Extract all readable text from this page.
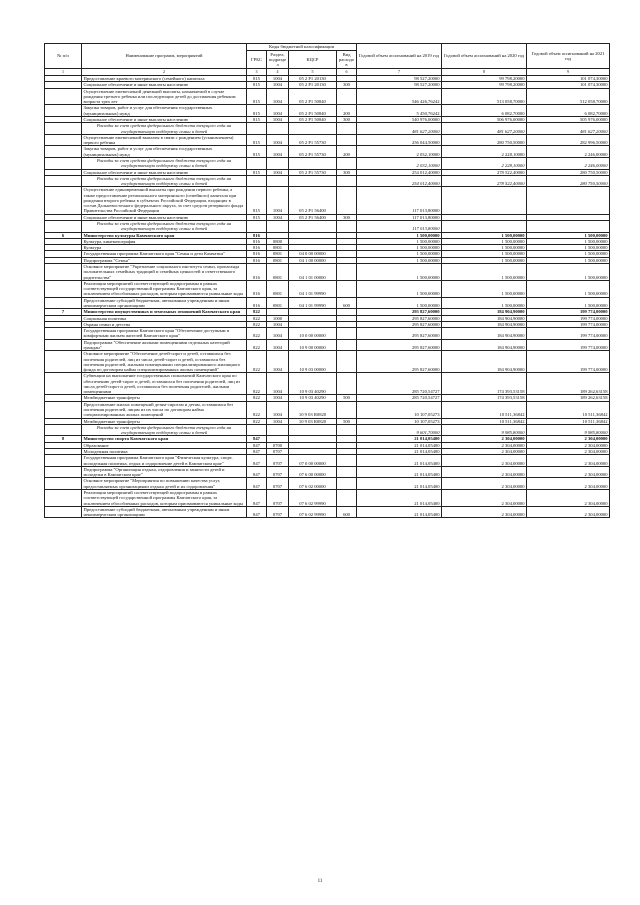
№ п/п	Наименование программ, мероприятий	Коды бюджетной классификации				Годовой объем ассигнований на 2019 год	Годовой объем ассигнований на 2020 год	Годовой объем ассигнований на 2021 год
		ГРБС	Раздел, подраздел	КЦСР	Вид расходов			
1	2	3	4	5	6	7	8	9
	Предоставление краевого материнского (семейного) капитала	815	1004	05 2 Р1 20130		98 527,20000	99 798,20000	101 074,30000
	Социальное обеспечение и иные выплаты населению	815	1004	05 2 Р1 20130	300	98 527,20000	99 798,20000	101 074,30000
	Осуществление ежемесячной денежной выплаты, назначаемой в случае рождения третьего ребенка или последующих детей до достижения ребенком возраста трех лет	815	1004	05 2 Р1 50840		546 426,76242	513 058,70000	512 058,70000
	Закупка товаров, работ и услуг для обеспечения государственных (муниципальных) нужд	815	1004	05 2 Р1 50840	200	5 450,76242	6 082,70000	6 082,70000
	Социальное обеспечение и иные выплаты населению	815	1004	05 2 Р1 50840	300	540 976,00000	506 976,00000	505 976,00000
	Расходы за счет средств федерального бюджета текущего года на государственную поддержку семьи и детей					481 627,20000	481 627,20000	481 627,20000
	Осуществление ежемесячной выплаты в связи с рождением (усыновлением) первого ребенка	815	1004	05 2 Р1 55730		256 044,50000	280 750,50000	282 996,50000
	Закупка товаров, работ и услуг для обеспечения государственных (муниципальных) нужд	815	1004	05 2 Р1 55730	200	2 032,10000	2 228,10000	2 246,00000
	Расходы за счет средств федерального бюджета текущего года на государственную поддержку семьи и детей					2 032,10000	2 228,10000	2 246,00000
	Социальное обеспечение и иные выплаты населению	815	1004	05 2 Р1 55730	300	254 012,40000	278 522,40000	280 750,50000
	Расходы за счет средств федерального бюджета текущего года на государственную поддержку семьи и детей					254 012,40000	278 522,40000	280 750,50000
	Осуществление единовременной выплаты при рождении первого ребенка, а также предоставление регионального материнского (семейного) капитала при рождении второго ребенка в субъектах Российской Федерации, входящих в состав Дальневосточного федерального округа, за счет средств резервного фонда Правительства Российской Федерации	815	1004	05 2 Р1 56400		117 013,80000		
	Социальное обеспечение и иные выплаты населению	815	1004	05 2 Р1 56400	300	117 013,80000		
	Расходы за счет средств федерального бюджета текущего года на государственную поддержку семьи и детей					117 013,80000		
6	Министерство культуры Камчатского края	816				1 500,00000	1 500,00000	1 500,00000
	Культура, кинематография	816	0800			1 500,00000	1 500,00000	1 500,00000
	Культура	816	0801			1 500,00000	1 500,00000	1 500,00000
	Государственная программа Камчатского края "Семья и дети Камчатки"	816	0801	04 0 00 00000		1 500,00000	1 500,00000	1 500,00000
	Подпрограмма "Семья"	816	0801	04 1 00 00000		1 500,00000	1 500,00000	1 500,00000
	Основное мероприятие "Укрепление социального института семьи, пропаганда положительных семейных традиций и семейных ценностей и ответственного родительства"	816	0801	04 1 01 00000		1 500,00000	1 500,00000	1 500,00000
	Реализация мероприятий соответствующей подпрограммы в рамках соответствующей государственной программы Камчатского края, за исключением обособленных расходов, которым присваиваются уникальные коды	816	0801	04 1 01 99990		1 500,00000	1 500,00000	1 500,00000
	Предоставление субсидий бюджетным, автономным учреждениям и иным некоммерческим организациям	816	0801	04 1 01 99990	600	1 500,00000	1 500,00000	1 500,00000
7	Министерство имущественных и земельных отношений Камчатского края	822				295 827,60000	184 904,90000	199 774,00000
	Социальная политика	822	1000			295 827,60000	184 904,90000	199 774,00000
	Охрана семьи и детства	822	1004			295 827,60000	184 904,90000	199 774,00000
	Государственная программа Камчатского края "Обеспечение доступным и комфортным жильем жителей Камчатского края"	822	1004	10 0 00 00000		295 827,60000	184 904,90000	199 774,00000
	Подпрограмма "Обеспечение жилыми помещениями отдельных категорий граждан"	822	1004	10 9 00 00000		295 827,60000	184 904,90000	199 774,00000
	Основное мероприятие "Обеспечение детей-сирот и детей, оставшихся без попечения родителей, лиц из числа детей-сирот и детей, оставшихся без попечения родителей, жилыми помещениями специализированного жилищного фонда по договорам найма специализированных жилых помещений"	822	1004	10 9 03 00000		295 827,60000	184 904,90000	199 774,00000
	Субвенции на выполнение государственных полномочий Камчатского края по обеспечению детей-сирот и детей, оставшихся без попечения родителей, лиц из числа детей-сирот и детей, оставшихся без попечения родителей, жилыми помещениями	822	1004	10 9 03 40290		285 720,54727	174 393,53158	189 262,63158
	Межбюджетные трансферты	822	1004	10 9 03 40290	500	285 720,54727	174 393,53158	189 262,63158
	Предоставление жилых помещений детям-сиротам и детям, оставшимся без попечения родителей, лицам из их числа по договорам найма специализированных жилых помещений	822	1004	10 9 03 R0820		10 107,05273	10 511,36842	10 511,36842
	Межбюджетные трансферты	822	1004	10 9 03 R0820	500	10 107,05273	10 511,36842	10 511,36842
	Расходы за счет средств федерального бюджета текущего года на государственную поддержку семьи и детей					9 601,70000	9 985,80000	9 985,80000
8	Министерство спорта Камчатского края	847				21 014,05400	2 304,00000	2 304,00000
	Образование	847	0700			21 014,05400	2 304,00000	2 304,00000
	Молодежная политика	847	0707			21 014,05400	2 304,00000	2 304,00000
	Государственная программа Камчатского края "Физическая культура, спорт, молодежная политика, отдых и оздоровление детей в Камчатском крае"	847	0707	07 0 00 00000		21 014,05400	2 304,00000	2 304,00000
	Подпрограмма "Организация отдыха, оздоровления и занятости детей и молодежи в Камчатском крае"	847	0707	07 6 00 00000		21 014,05400	2 304,00000	2 304,00000
	Основное мероприятие "Мероприятия по повышению качества услуг, предоставляемых организациями отдыха детей и их оздоровления"	847	0707	07 6 02 00000		21 014,05400	2 304,00000	2 304,00000
	Реализация мероприятий соответствующей подпрограммы в рамках соответствующей государственной программы Камчатского края, за исключением обособленных расходов, которым присваиваются уникальные коды	847	0707	07 6 02 99990		21 014,05400	2 304,00000	2 304,00000
	Предоставление субсидий бюджетным, автономным учреждениям и иным некоммерческим организациям	847	0707	07 6 02 99990	600	21 014,05400	2 304,00000	2 304,00000
11
